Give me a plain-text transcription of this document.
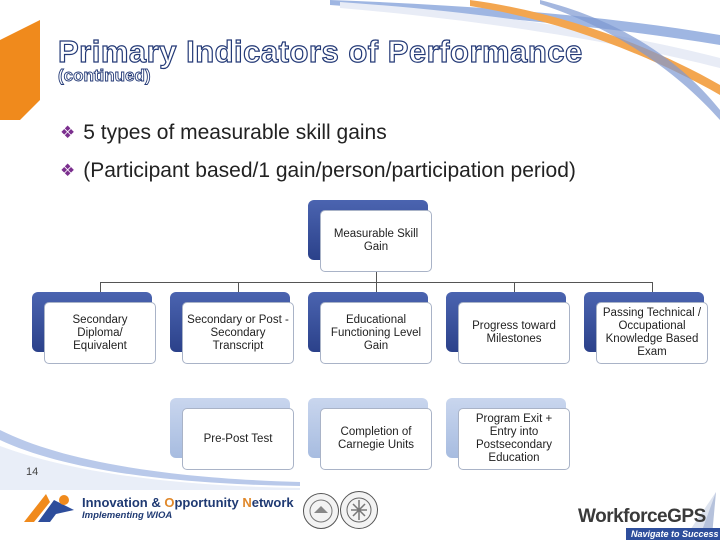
Primary Indicators of Performance
(continued)
❖ 5 types of measurable skill gains
❖ (Participant based/1 gain/person/participation period)
Measurable Skill Gain
Secondary Diploma/ Equivalent
Secondary or Post -Secondary Transcript
Educational Functioning Level Gain
Progress toward Milestones
Passing Technical / Occupational Knowledge Based Exam
Pre-Post Test
Completion of Carnegie Units
Program Exit + Entry into Postsecondary Education
14
Innovation & Opportunity Network
Implementing WIOA	WorkforceGPS
Navigate to Success
